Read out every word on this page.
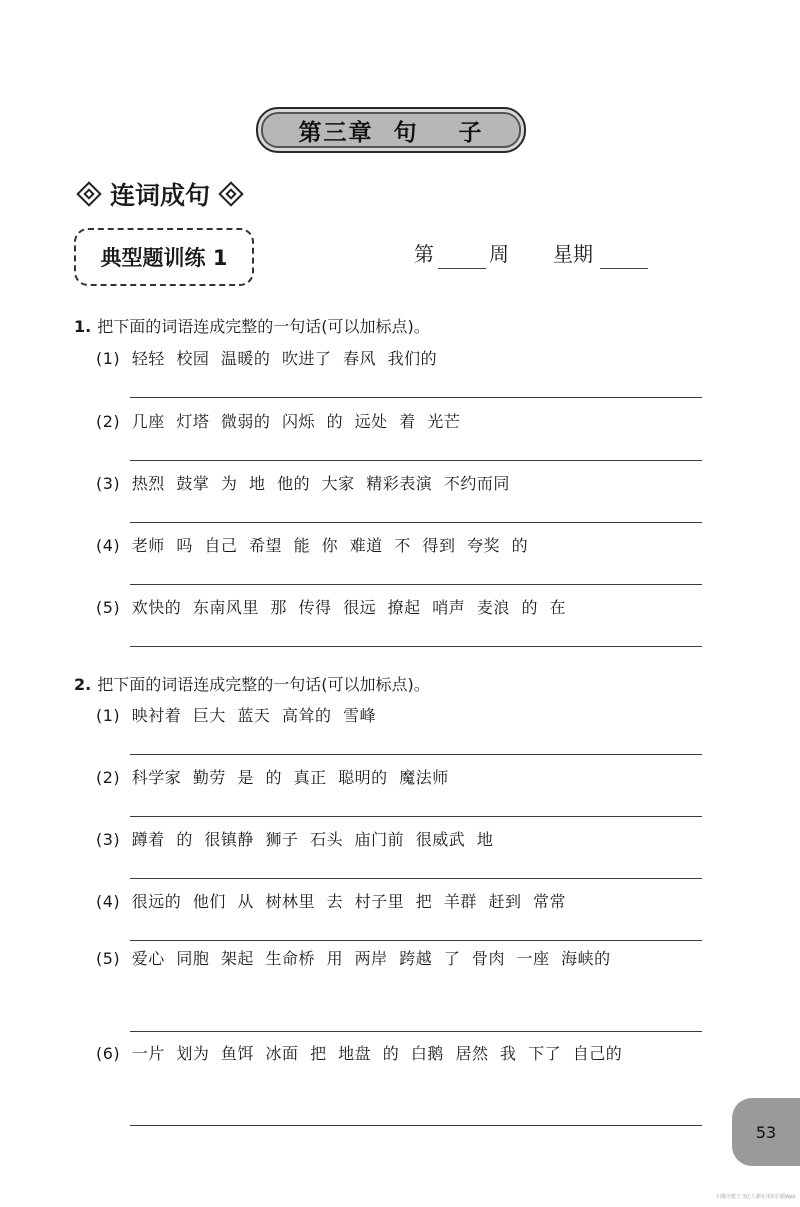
第三章  句    子
连词成句
典型题训练 1	第	周 星期
1. 把下面的词语连成完整的一句话(可以加标点)。
(1) 轻轻 校园 温暖的 吹进了 春风 我们的
(2) 几座 灯塔 微弱的 闪烁 的 远处 着 光芒
(3) 热烈 鼓掌 为 地 他的 大家 精彩表演 不约而同
(4) 老师 吗 自己 希望 能 你 难道 不 得到 夸奖 的
(5) 欢快的 东南风里 那 传得 很远 撩起 哨声 麦浪 的 在
2. 把下面的词语连成完整的一句话(可以加标点)。
(1) 映衬着 巨大 蓝天 高耸的 雪峰
(2) 科学家 勤劳 是 的 真正 聪明的 魔法师
(3) 蹲着 的 很镇静 狮子 石头 庙门前 很威武 地
(4) 很远的 他们 从 树林里 去 村子里 把 羊群 赶到 常常
(5) 爱心 同胞 架起 生命桥 用 两岸 跨越 了 骨肉 一座 海峡的
(6) 一片 划为 鱼饵 冰面 把 地盘 的 白鹅 居然 我 下了 自己的
53
扫描全能王 3亿人都在用的扫描App
